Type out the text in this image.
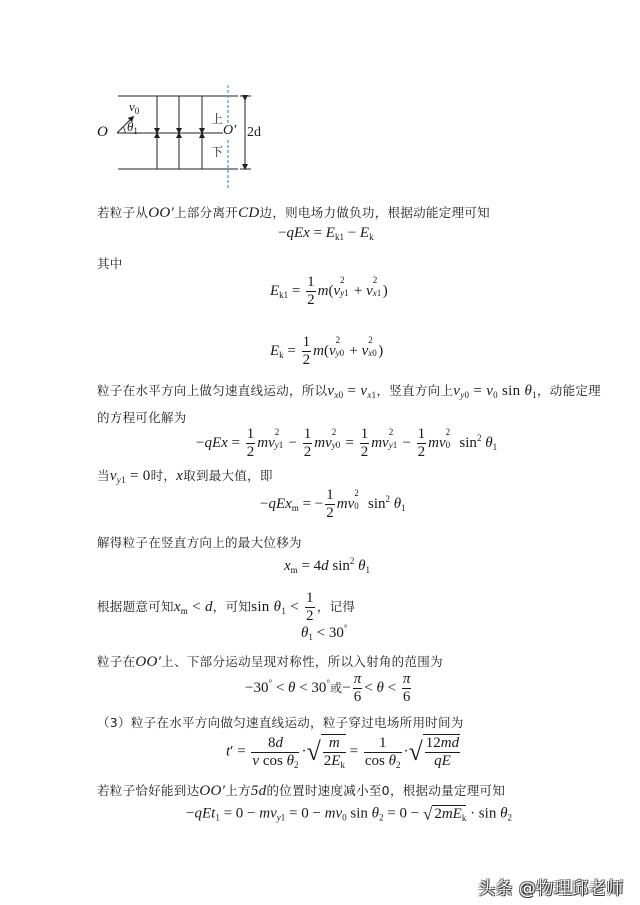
O
$v_0$
$\theta_1$
上
下
O′ 2d
若粒子从OO′上部分离开CD边，则电场力做负功，根据动能定理可知
$-qEx = E_{k1} - E_k$
其中
$E_{k1} = \frac{1}{2} m(v$
2
y1 + v
2
x1 )
$E_k = \frac{1}{2} m(v$
2
y0 + v
2
x0 )
粒子在水平方向上做匀速直线运动，所以$v_{x0} = v_{x1}$，竖直方向上$v_{y0} = v_0$ $\sin \theta_1$，动能定理
的方程可化解为
$-qEx = \frac{1}{2}$ mv
2
$y1 - \frac{1}{2}$ mv
2
$y0 = \frac{1}{2}$ mv
2
$y1 - \frac{1}{2}$ mv
2
0 $\sin^2 \theta_1$
当$v_{y1} = 0$时，x取到最大值，即
−qEx$_m$ = − $\frac{1}{2}$ mv
2
0 $\sin^2 \theta_1$
解得粒子在竖直方向上的最大位移为
$x_m = 4d$ $\sin^2 \theta_1$
根据题意可知$x_m < d$，可知$\sin \theta_1 < \frac{1}{2}$ ，记得
$\theta_1 < 30^\circ$
粒子在OO′上、下部分运动呈现对称性，所以入射角的范围为
−30° < θ < 30°或− $\frac{\pi}{6} < \theta < \frac{\pi}{6}$
（3）粒子在水平方向做匀速直线运动，粒子穿过电场所用时间为
$t' = \frac{8d}{v \cos \theta_2}$ ·√ $\frac{m}{2E_k} = \frac{1}{\cos \theta_2}$ ·√ $\frac{12md}{qE}$
若粒子恰好能到达OO′上方5d的位置时速度减小至0，根据动量定理可知
$-qEt_1 = 0 - mv_{y1} = 0 - mv_0$ $\sin \theta_2 = 0$ − √ $2mE_k \cdot \sin \theta_2$
头条 @物理邱老师
